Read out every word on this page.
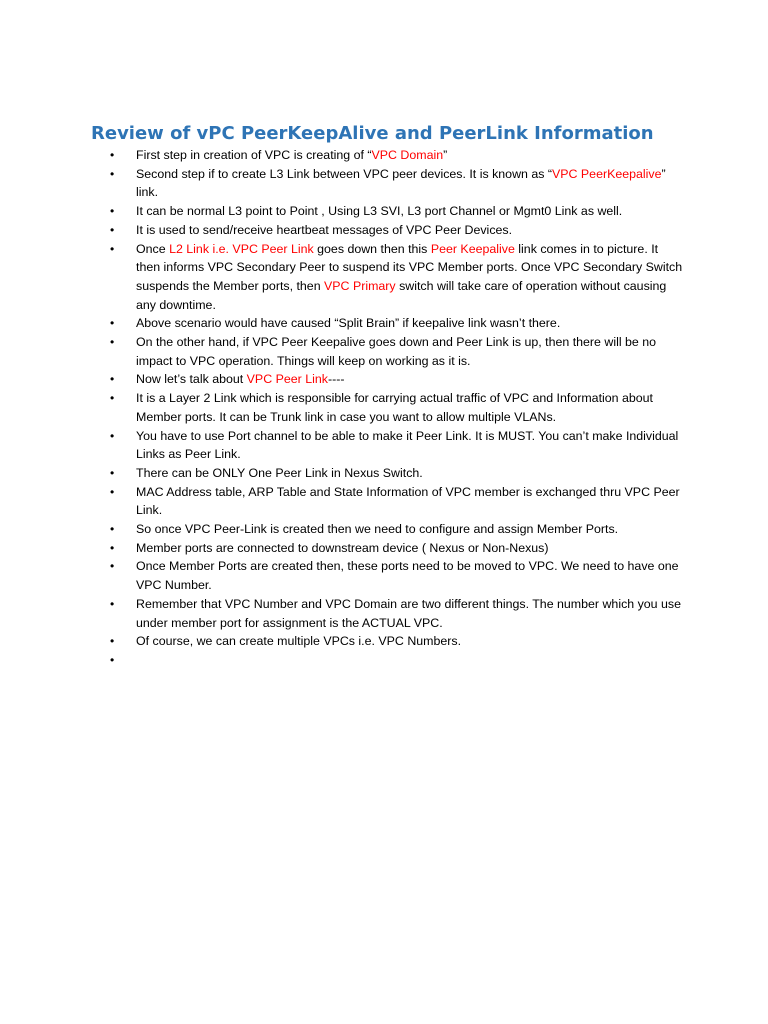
Review of vPC PeerKeepAlive and PeerLink Information
• First step in creation of VPC is creating of “VPC Domain”
• Second step if to create L3 Link between VPC peer devices. It is known as “VPC PeerKeepalive” link.
• It can be normal L3 point to Point , Using L3 SVI, L3 port Channel or Mgmt0 Link as well.
• It is used to send/receive heartbeat messages of VPC Peer Devices.
• Once L2 Link i.e. VPC Peer Link goes down then this Peer Keepalive link comes in to picture. It then informs VPC Secondary Peer to suspend its VPC Member ports. Once VPC Secondary Switch suspends the Member ports, then VPC Primary switch will take care of operation without causing any downtime.
• Above scenario would have caused “Split Brain” if keepalive link wasn’t there.
• On the other hand, if VPC Peer Keepalive goes down and Peer Link is up, then there will be no impact to VPC operation. Things will keep on working as it is.
• Now let’s talk about VPC Peer Link----
• It is a Layer 2 Link which is responsible for carrying actual traffic of VPC and Information about Member ports. It can be Trunk link in case you want to allow multiple VLANs.
• You have to use Port channel to be able to make it Peer Link. It is MUST. You can’t make Individual Links as Peer Link.
• There can be ONLY One Peer Link in Nexus Switch.
• MAC Address table, ARP Table and State Information of VPC member is exchanged thru VPC Peer Link.
• So once VPC Peer-Link is created then we need to configure and assign Member Ports.
• Member ports are connected to downstream device ( Nexus or Non-Nexus)
• Once Member Ports are created then, these ports need to be moved to VPC. We need to have one VPC Number.
• Remember that VPC Number and VPC Domain are two different things. The number which you use under member port for assignment is the ACTUAL VPC.
• Of course, we can create multiple VPCs i.e. VPC Numbers.
•
